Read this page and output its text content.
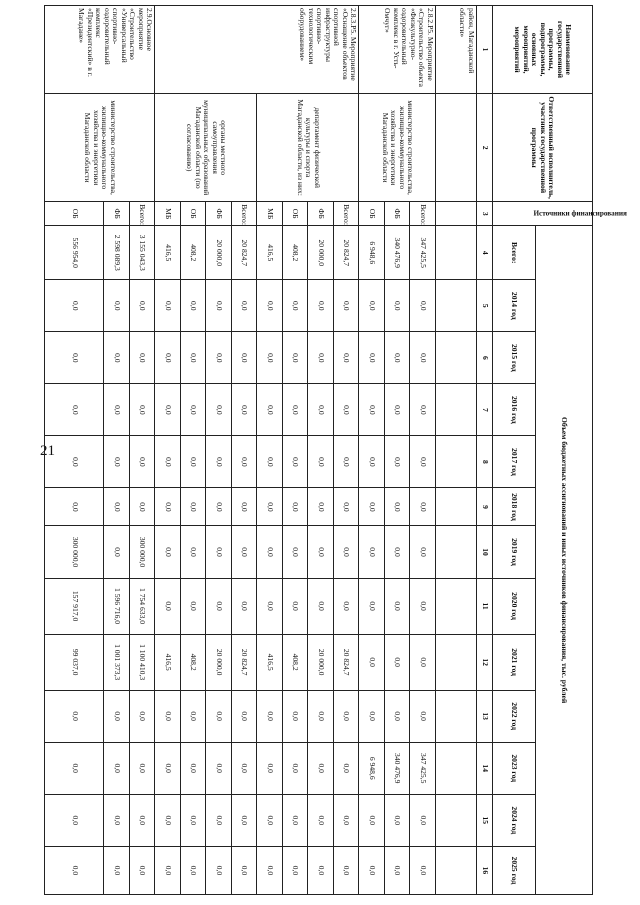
21
Наименование государственной программы, подпрограммы, основных мероприятий, мероприятий	Ответственный исполнитель, участник государственной программы	Источники финансирования	Объем бюджетных ассигнований и иных источников финансирования, тыс. рублей												
			Всего:	2014 год	2015 год	2016 год	2017 год	2018 год	2019 год	2020 год	2021 год	2022 год	2023 год	2024 год	2025 год
1	2	3	4	5	6	7	8	9	10	11	12	13	14	15	16
район, Магаданской области»															
2.8.2.Р5. Мероприятие «Строительство объекта «Физкультурно-оздоровительный комплекс в г. Усть-Омчуг»	министерство строительства, жилищно-коммунального хозяйства и энергетики Магаданской области	Всего:	347 425,5	0,0	0,0	0,0	0,0	0,0	0,0	0,0	0,0	0,0	347 425,5	0,0	0,0
		ФБ	340 476,9	0,0	0,0	0,0	0,0	0,0	0,0	0,0	0,0	0,0	340 476,9	0,0	0,0
		ОБ	6 948,6	0,0	0,0	0,0	0,0	0,0	0,0	0,0	0,0	0,0	6 948,6	0,0	0,0
2.8.3.Р5. Мероприятие «Оснащение объектов спортивной инфраструктуры спортивно-технологическим оборудованием»	департамент физической культуры и спорта Магаданской области, из них:	Всего:	20 824,7	0,0	0,0	0,0	0,0	0,0	0,0	0,0	20 824,7	0,0	0,0	0,0	0,0
		ФБ	20 000,0	0,0	0,0	0,0	0,0	0,0	0,0	0,0	20 000,0	0,0	0,0	0,0	0,0
		ОБ	408,2	0,0	0,0	0,0	0,0	0,0	0,0	0,0	408,2	0,0	0,0	0,0	0,0
		МБ	416,5	0,0	0,0	0,0	0,0	0,0	0,0	0,0	416,5	0,0	0,0	0,0	0,0
	органы местного самоуправления муниципальных образований Магаданской области (по согласованию)	Всего:	20 824,7	0,0	0,0	0,0	0,0	0,0	0,0	0,0	20 824,7	0,0	0,0	0,0	0,0
		ФБ	20 000,0	0,0	0,0	0,0	0,0	0,0	0,0	0,0	20 000,0	0,0	0,0	0,0	0,0
		ОБ	408,2	0,0	0,0	0,0	0,0	0,0	0,0	0,0	408,2	0,0	0,0	0,0	0,0
		МБ	416,5	0,0	0,0	0,0	0,0	0,0	0,0	0,0	416,5	0,0	0,0	0,0	0,0
2.9.Основное мероприятие «Строительство «Универсальный спортивно-оздоровительный комплекс «Президентский» в г. Магадане»	министерство строительства, жилищно-коммунального хозяйства и энергетики Магаданской области	Всего:	3 155 043,3	0,0	0,0	0,0	0,0	0,0	300 000,0	1 754 633,0	1 100 410,3	0,0	0,0	0,0	0,0
		ФБ	2 598 089,3	0,0	0,0	0,0	0,0	0,0	0,0	1 596 716,0	1 001 373,3	0,0	0,0	0,0	0,0
		ОБ	556 954,0	0,0	0,0	0,0	0,0	0,0	300 000,0	157 917,0	99 037,0	0,0	0,0	0,0	0,0
